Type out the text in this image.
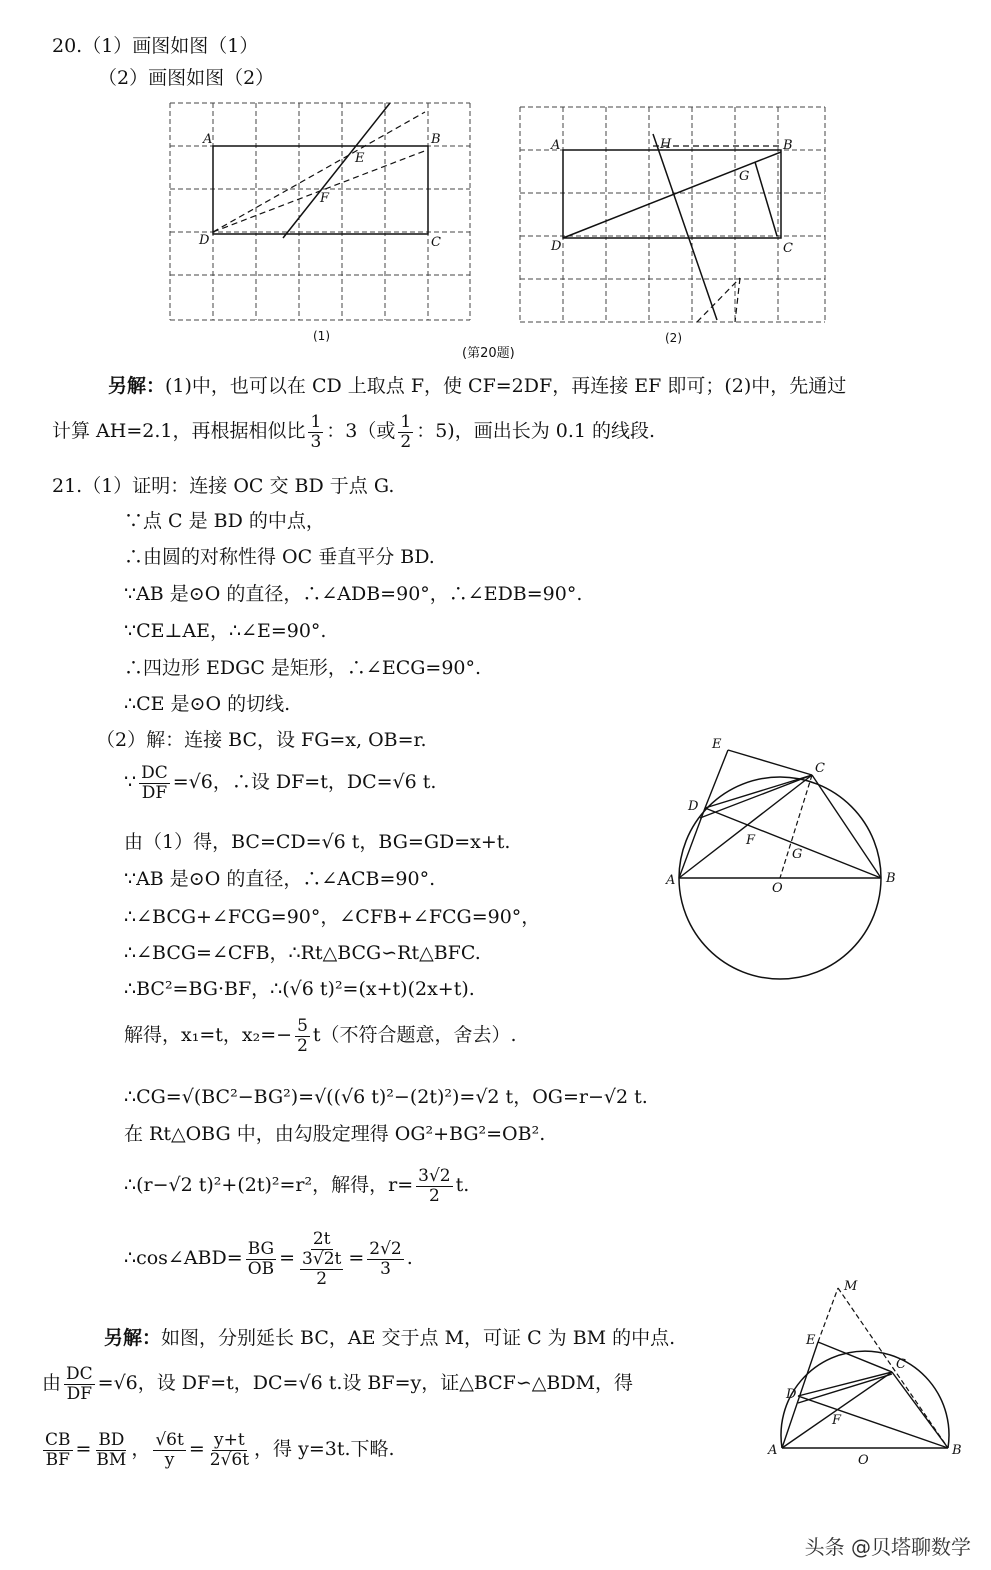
20.（1）画图如图（1）
（2）画图如图（2）
A	B
C
D
E
F
(1)
A	B
C
D
H
G
(2)
(第20题)
另解：(1)中，也可以在 CD 上取点 F，使 CF=2DF，再连接 EF 即可；(2)中，先通过
计算 AH=2.1，再根据相似比 $\frac{1}{3}$ ：3（或 $\frac{1}{2}$ ：5)，画出长为 0.1 的线段.
21.（1）证明：连接 OC 交 BD 于点 G.
∵点 C 是 BD 的中点，
∴由圆的对称性得 OC 垂直平分 BD.
∵AB 是⊙O 的直径，∴∠ADB=90°，∴∠EDB=90°.
∵CE⊥AE，∴∠E=90°.
∴四边形 EDGC 是矩形，∴∠ECG=90°.
∴CE 是⊙O 的切线.
（2）解：连接 BC，设 FG=x, OB=r.
∵ $\frac{DC}{DF} =√6$，∴设 DF=t，DC=√6 t.
由（1）得，BC=CD=√6 t，BG=GD=x+t.
∵AB 是⊙O 的直径，∴∠ACB=90°.
∴∠BCG+∠FCG=90°，∠CFB+∠FCG=90°，
∴∠BCG=∠CFB，∴Rt△BCG∽Rt△BFC.
∴BC²=BG·BF，∴(√6 t)²=(x+t)(2x+t).
解得，x₁=t，$x_2=- \frac{5}{2} t$（不符合题意，舍去）.
∴CG=√(BC²−BG²)=√((√6 t)²−(2t)²)=√2 t，OG=r−√2 t.
在 Rt△OBG 中，由勾股定理得 OG²+BG²=OB².
∴(r−√2 t)²+(2t)²=r²，解得，$r= \frac{3√2}{2} t$.
∴cos∠ABD= $\frac{BG}{OB} = \frac{2t}{\frac{3√2t}{2}} = \frac{2√2}{3}$ .
另解：如图，分别延长 BC，AE 交于点 M，可证 C 为 BM 的中点.
由 $\frac{DC}{DF} =√6$，设 DF=t，DC=√6 t.设 BF=y，证△BCF∽△BDM，得
$\frac{CB}{BF} = \frac{BD}{BM}$ ， $\frac{√6t}{y} = \frac{y+t}{2√6t}$ ，得 y=3t.下略.
E
C
D
F
G
A
O
B
M
E
C
D
F
A
O
B
头条 @贝塔聊数学
